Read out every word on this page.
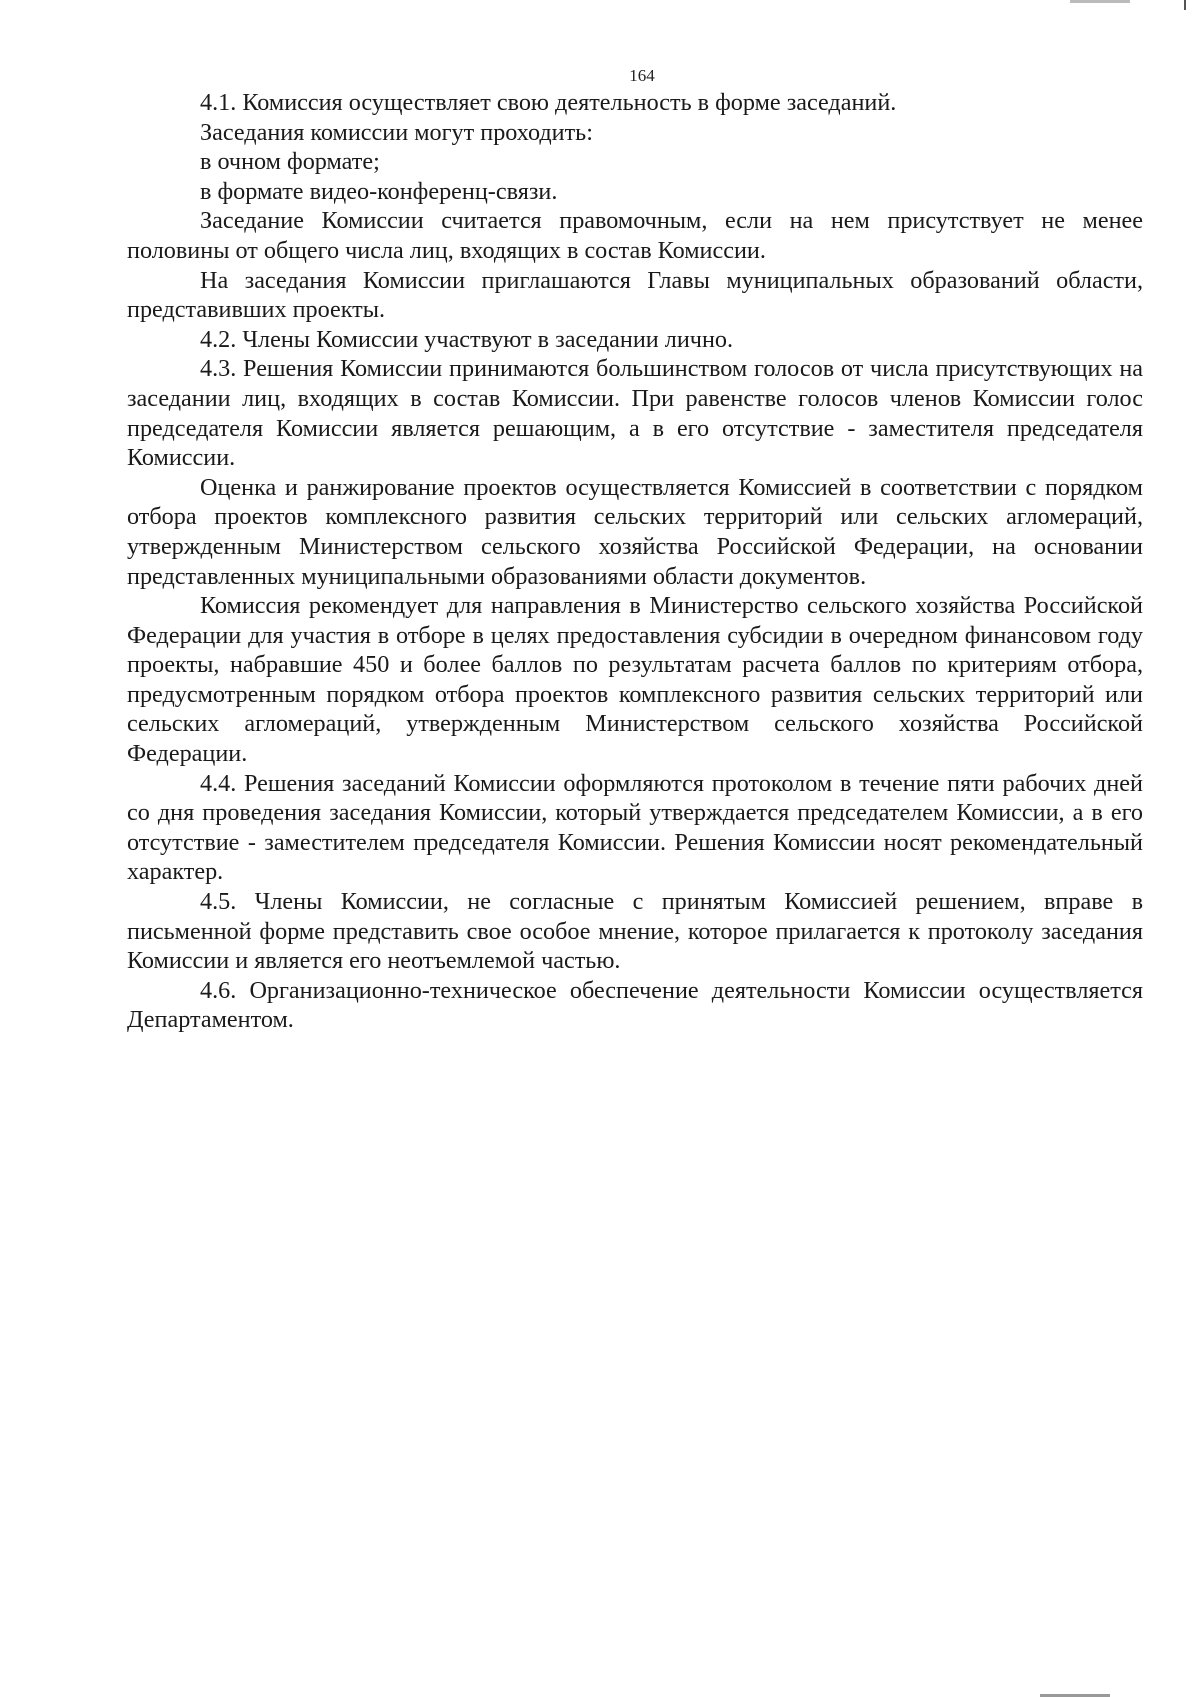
164

4.1. Комиссия осуществляет свою деятельность в форме заседаний.

Заседания комиссии могут проходить:

в очном формате;

в формате видео-конференц-связи.

Заседание Комиссии считается правомочным, если на нем присутствует не менее половины от общего числа лиц, входящих в состав Комиссии.

На заседания Комиссии приглашаются Главы муниципальных образований области, представивших проекты.

4.2. Члены Комиссии участвуют в заседании лично.

4.3. Решения Комиссии принимаются большинством голосов от числа присутствующих на заседании лиц, входящих в состав Комиссии. При равенстве голосов членов Комиссии голос председателя Комиссии является решающим, а в его отсутствие - заместителя председателя Комиссии.

Оценка и ранжирование проектов осуществляется Комиссией в соответствии с порядком отбора проектов комплексного развития сельских территорий или сельских агломераций, утвержденным Министерством сельского хозяйства Российской Федерации, на основании представленных муниципальными образованиями области документов.

Комиссия рекомендует для направления в Министерство сельского хозяйства Российской Федерации для участия в отборе в целях предоставления субсидии в очередном финансовом году проекты, набравшие 450 и более баллов по результатам расчета баллов по критериям отбора, предусмотренным порядком отбора проектов комплексного развития сельских территорий или сельских агломераций, утвержденным Министерством сельского хозяйства Российской Федерации.

4.4. Решения заседаний Комиссии оформляются протоколом в течение пяти рабочих дней со дня проведения заседания Комиссии, который утверждается председателем Комиссии, а в его отсутствие - заместителем председателя Комиссии. Решения Комиссии носят рекомендательный характер.

4.5. Члены Комиссии, не согласные с принятым Комиссией решением, вправе в письменной форме представить свое особое мнение, которое прилагается к протоколу заседания Комиссии и является его неотъемлемой частью.

4.6. Организационно-техническое обеспечение деятельности Комиссии осуществляется Департаментом.
